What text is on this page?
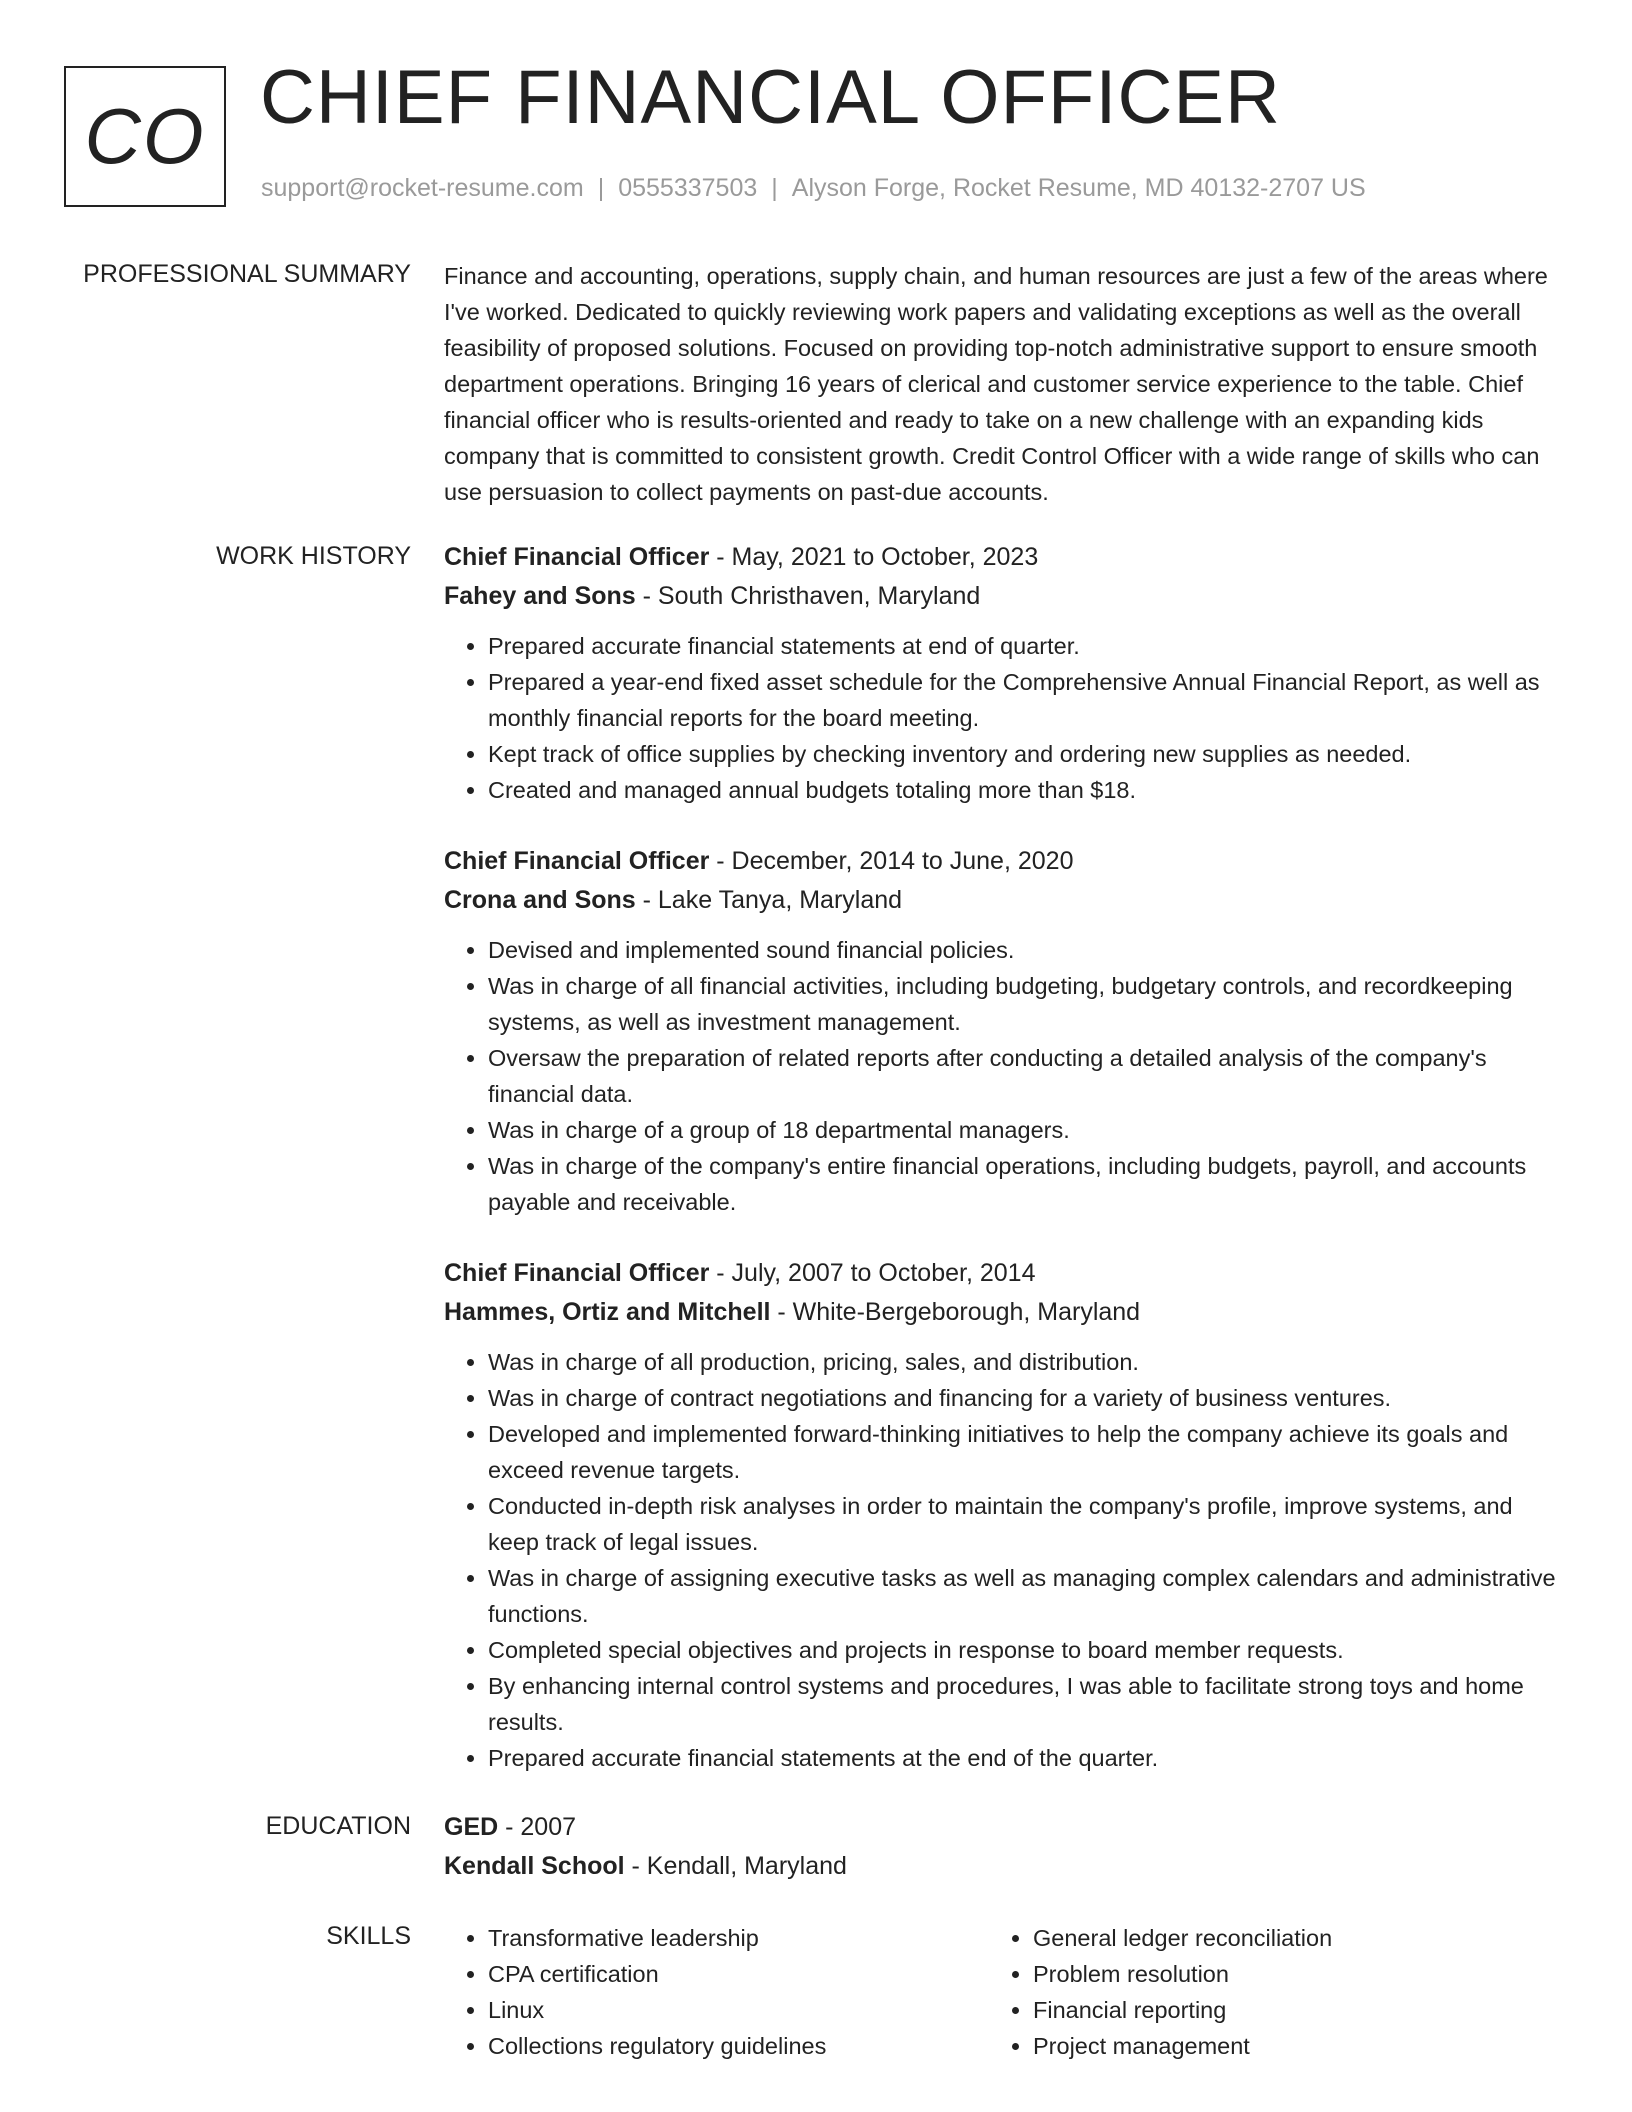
CO CHIEF FINANCIAL OFFICER
support@rocket-resume.com | 0555337503 | Alyson Forge, Rocket Resume, MD 40132-2707 US
PROFESSIONAL SUMMARY Finance and accounting, operations, supply chain, and human resources are just a few of the areas where I've worked. Dedicated to quickly reviewing work papers and validating exceptions as well as the overall feasibility of proposed solutions. Focused on providing top-notch administrative support to ensure smooth department operations. Bringing 16 years of clerical and customer service experience to the table. Chief financial officer who is results-oriented and ready to take on a new challenge with an expanding kids company that is committed to consistent growth. Credit Control Officer with a wide range of skills who can use persuasion to collect payments on past-due accounts.

WORK HISTORY Chief Financial Officer - May, 2021 to October, 2023
Fahey and Sons - South Christhaven, Maryland
• Prepared accurate financial statements at end of quarter.
• Prepared a year-end fixed asset schedule for the Comprehensive Annual Financial Report, as well as monthly financial reports for the board meeting.
• Kept track of office supplies by checking inventory and ordering new supplies as needed.
• Created and managed annual budgets totaling more than $18.
Chief Financial Officer - December, 2014 to June, 2020
Crona and Sons - Lake Tanya, Maryland
• Devised and implemented sound financial policies.
• Was in charge of all financial activities, including budgeting, budgetary controls, and recordkeeping systems, as well as investment management.
• Oversaw the preparation of related reports after conducting a detailed analysis of the company's financial data.
• Was in charge of a group of 18 departmental managers.
• Was in charge of the company's entire financial operations, including budgets, payroll, and accounts payable and receivable.
Chief Financial Officer - July, 2007 to October, 2014
Hammes, Ortiz and Mitchell - White-Bergeborough, Maryland
• Was in charge of all production, pricing, sales, and distribution.
• Was in charge of contract negotiations and financing for a variety of business ventures.
• Developed and implemented forward-thinking initiatives to help the company achieve its goals and exceed revenue targets.
• Conducted in-depth risk analyses in order to maintain the company's profile, improve systems, and keep track of legal issues.
• Was in charge of assigning executive tasks as well as managing complex calendars and administrative functions.
• Completed special objectives and projects in response to board member requests.
• By enhancing internal control systems and procedures, I was able to facilitate strong toys and home results.
• Prepared accurate financial statements at the end of the quarter.
EDUCATION GED - 2007
Kendall School - Kendall, Maryland
SKILLS
•	Transformative leadership
• CPA certification
• Linux
• Collections regulatory guidelines
• General ledger reconciliation
• Problem resolution
• Financial reporting
• Project management
